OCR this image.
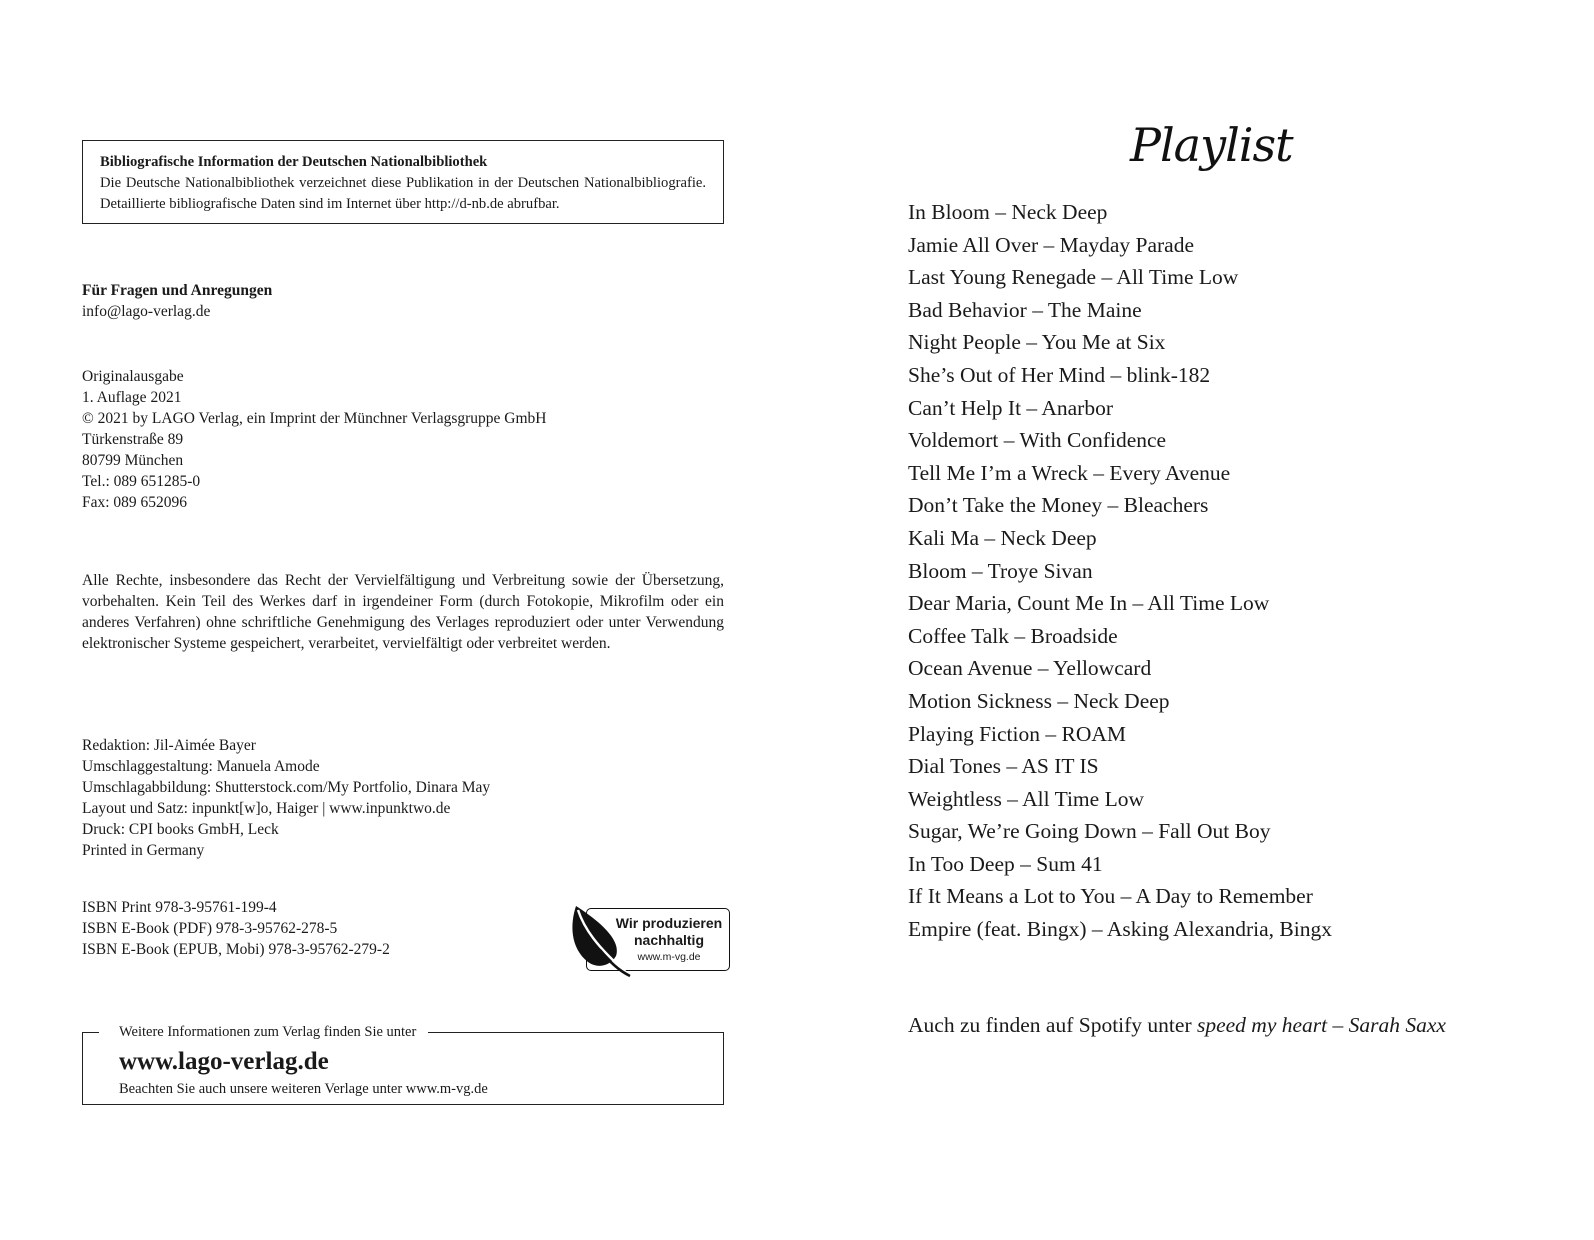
Bibliografische Information der Deutschen Nationalbibliothek
Die Deutsche Nationalbibliothek verzeichnet diese Publikation in der Deutschen Nationalbibliografie. Detaillierte bibliografische Daten sind im Internet über http://d-nb.de abrufbar.
Für Fragen und Anregungen
info@lago-verlag.de
Originalausgabe
1. Auflage 2021
© 2021 by LAGO Verlag, ein Imprint der Münchner Verlagsgruppe GmbH
Türkenstraße 89
80799 München
Tel.: 089 651285-0
Fax: 089 652096
Alle Rechte, insbesondere das Recht der Vervielfältigung und Verbreitung sowie der Übersetzung, vorbehalten. Kein Teil des Werkes darf in irgendeiner Form (durch Fotokopie, Mikrofilm oder ein anderes Verfahren) ohne schriftliche Genehmigung des Verlages reproduziert oder unter Verwendung elektronischer Systeme gespeichert, verarbeitet, vervielfältigt oder verbreitet werden.
Redaktion: Jil-Aimée Bayer
Umschlaggestaltung: Manuela Amode
Umschlagabbildung: Shutterstock.com/My Portfolio, Dinara May
Layout und Satz: inpunkt[w]o, Haiger | www.inpunktwo.de
Druck: CPI books GmbH, Leck
Printed in Germany
ISBN Print 978-3-95761-199-4
ISBN E-Book (PDF) 978-3-95762-278-5
ISBN E-Book (EPUB, Mobi) 978-3-95762-279-2
Wir produzieren
nachhaltig
www.m-vg.de
Weitere Informationen zum Verlag finden Sie unter
www.lago-verlag.de
Beachten Sie auch unsere weiteren Verlage unter www.m-vg.de
Playlist
In Bloom – Neck Deep
Jamie All Over – Mayday Parade
Last Young Renegade – All Time Low
Bad Behavior – The Maine
Night People – You Me at Six
She’s Out of Her Mind – blink-182
Can’t Help It – Anarbor
Voldemort – With Confidence
Tell Me I’m a Wreck – Every Avenue
Don’t Take the Money – Bleachers
Kali Ma – Neck Deep
Bloom – Troye Sivan
Dear Maria, Count Me In – All Time Low
Coffee Talk – Broadside
Ocean Avenue – Yellowcard
Motion Sickness – Neck Deep
Playing Fiction – ROAM
Dial Tones – AS IT IS
Weightless – All Time Low
Sugar, We’re Going Down – Fall Out Boy
In Too Deep – Sum 41
If It Means a Lot to You – A Day to Remember
Empire (feat. Bingx) – Asking Alexandria, Bingx
Auch zu finden auf Spotify unter speed my heart – Sarah Saxx
